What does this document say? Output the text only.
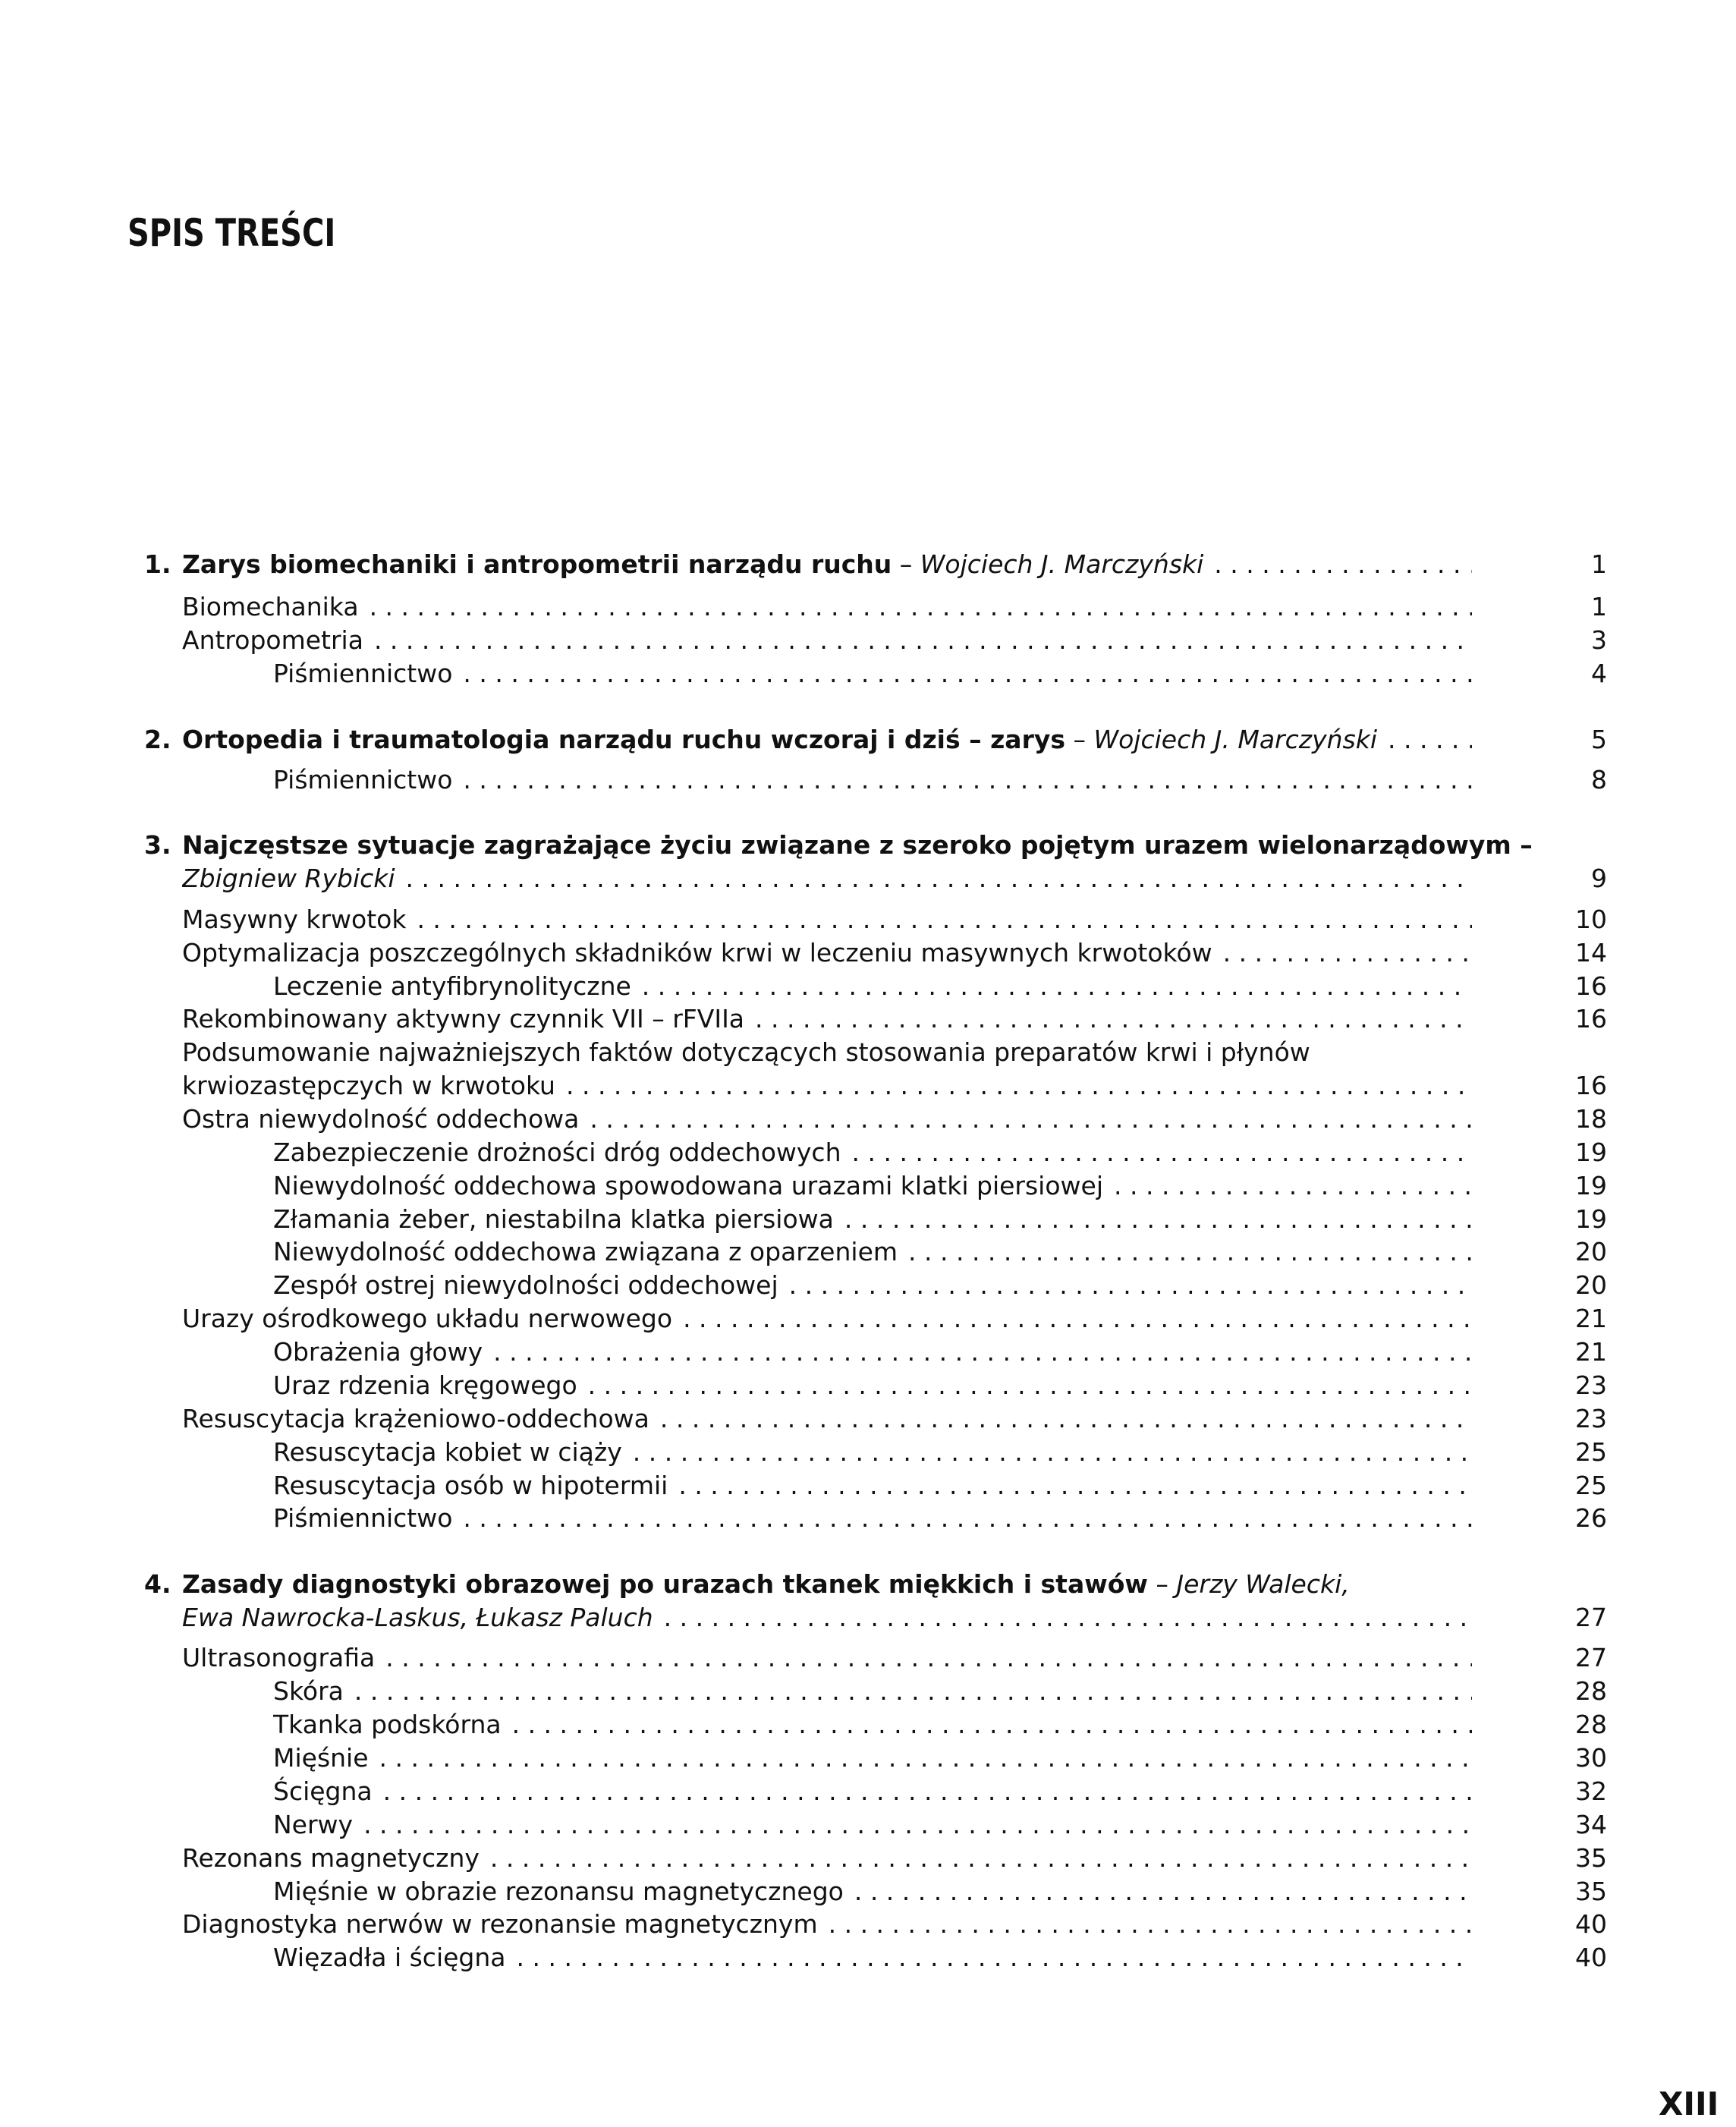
SPIS TREŚCI
1. Zarys biomechaniki i antropometrii narządu ruchu – Wojciech J. Marczyński . . .	1
Biomechanika . . .	1
Antropometria . . .	3
Piśmiennictwo . . .	4
2. Ortopedia i traumatologia narządu ruchu wczoraj i dziś – zarys – Wojciech J. Marczyński . . .	5
Piśmiennictwo . . .	8
3. Najczęstsze sytuacje zagrażające życiu związane z szeroko pojętym urazem wielonarządowym –
Zbigniew Rybicki . . .	9
Masywny krwotok . . .	10
Optymalizacja poszczególnych składników krwi w leczeniu masywnych krwotoków . . .	14
Leczenie antyfibrynolityczne . . .	16
Rekombinowany aktywny czynnik VII – rFVIIa . . .	16
Podsumowanie najważniejszych faktów dotyczących stosowania preparatów krwi i płynów
krwiozastępczych w krwotoku . . .	16
Ostra niewydolność oddechowa . . .	18
Zabezpieczenie drożności dróg oddechowych . . .	19
Niewydolność oddechowa spowodowana urazami klatki piersiowej . . .	19
Złamania żeber, niestabilna klatka piersiowa . . .	19
Niewydolność oddechowa związana z oparzeniem . . .	20
Zespół ostrej niewydolności oddechowej . . .	20
Urazy ośrodkowego układu nerwowego . . .	21
Obrażenia głowy . . .	21
Uraz rdzenia kręgowego . . .	23
Resuscytacja krążeniowo-oddechowa . . .	23
Resuscytacja kobiet w ciąży . . .	25
Resuscytacja osób w hipotermii . . .	25
Piśmiennictwo . . .	26
4. Zasady diagnostyki obrazowej po urazach tkanek miękkich i stawów – Jerzy Walecki,
Ewa Nawrocka-Laskus, Łukasz Paluch . . .	27
Ultrasonografia . . .	27
Skóra . . .	28
Tkanka podskórna . . .	28
Mięśnie . . .	30
Ścięgna . . .	32
Nerwy . . .	34
Rezonans magnetyczny . . .	35
Mięśnie w obrazie rezonansu magnetycznego . . .	35
Diagnostyka nerwów w rezonansie magnetycznym . . .	40
Więzadła i ścięgna . . .	40
XIII
